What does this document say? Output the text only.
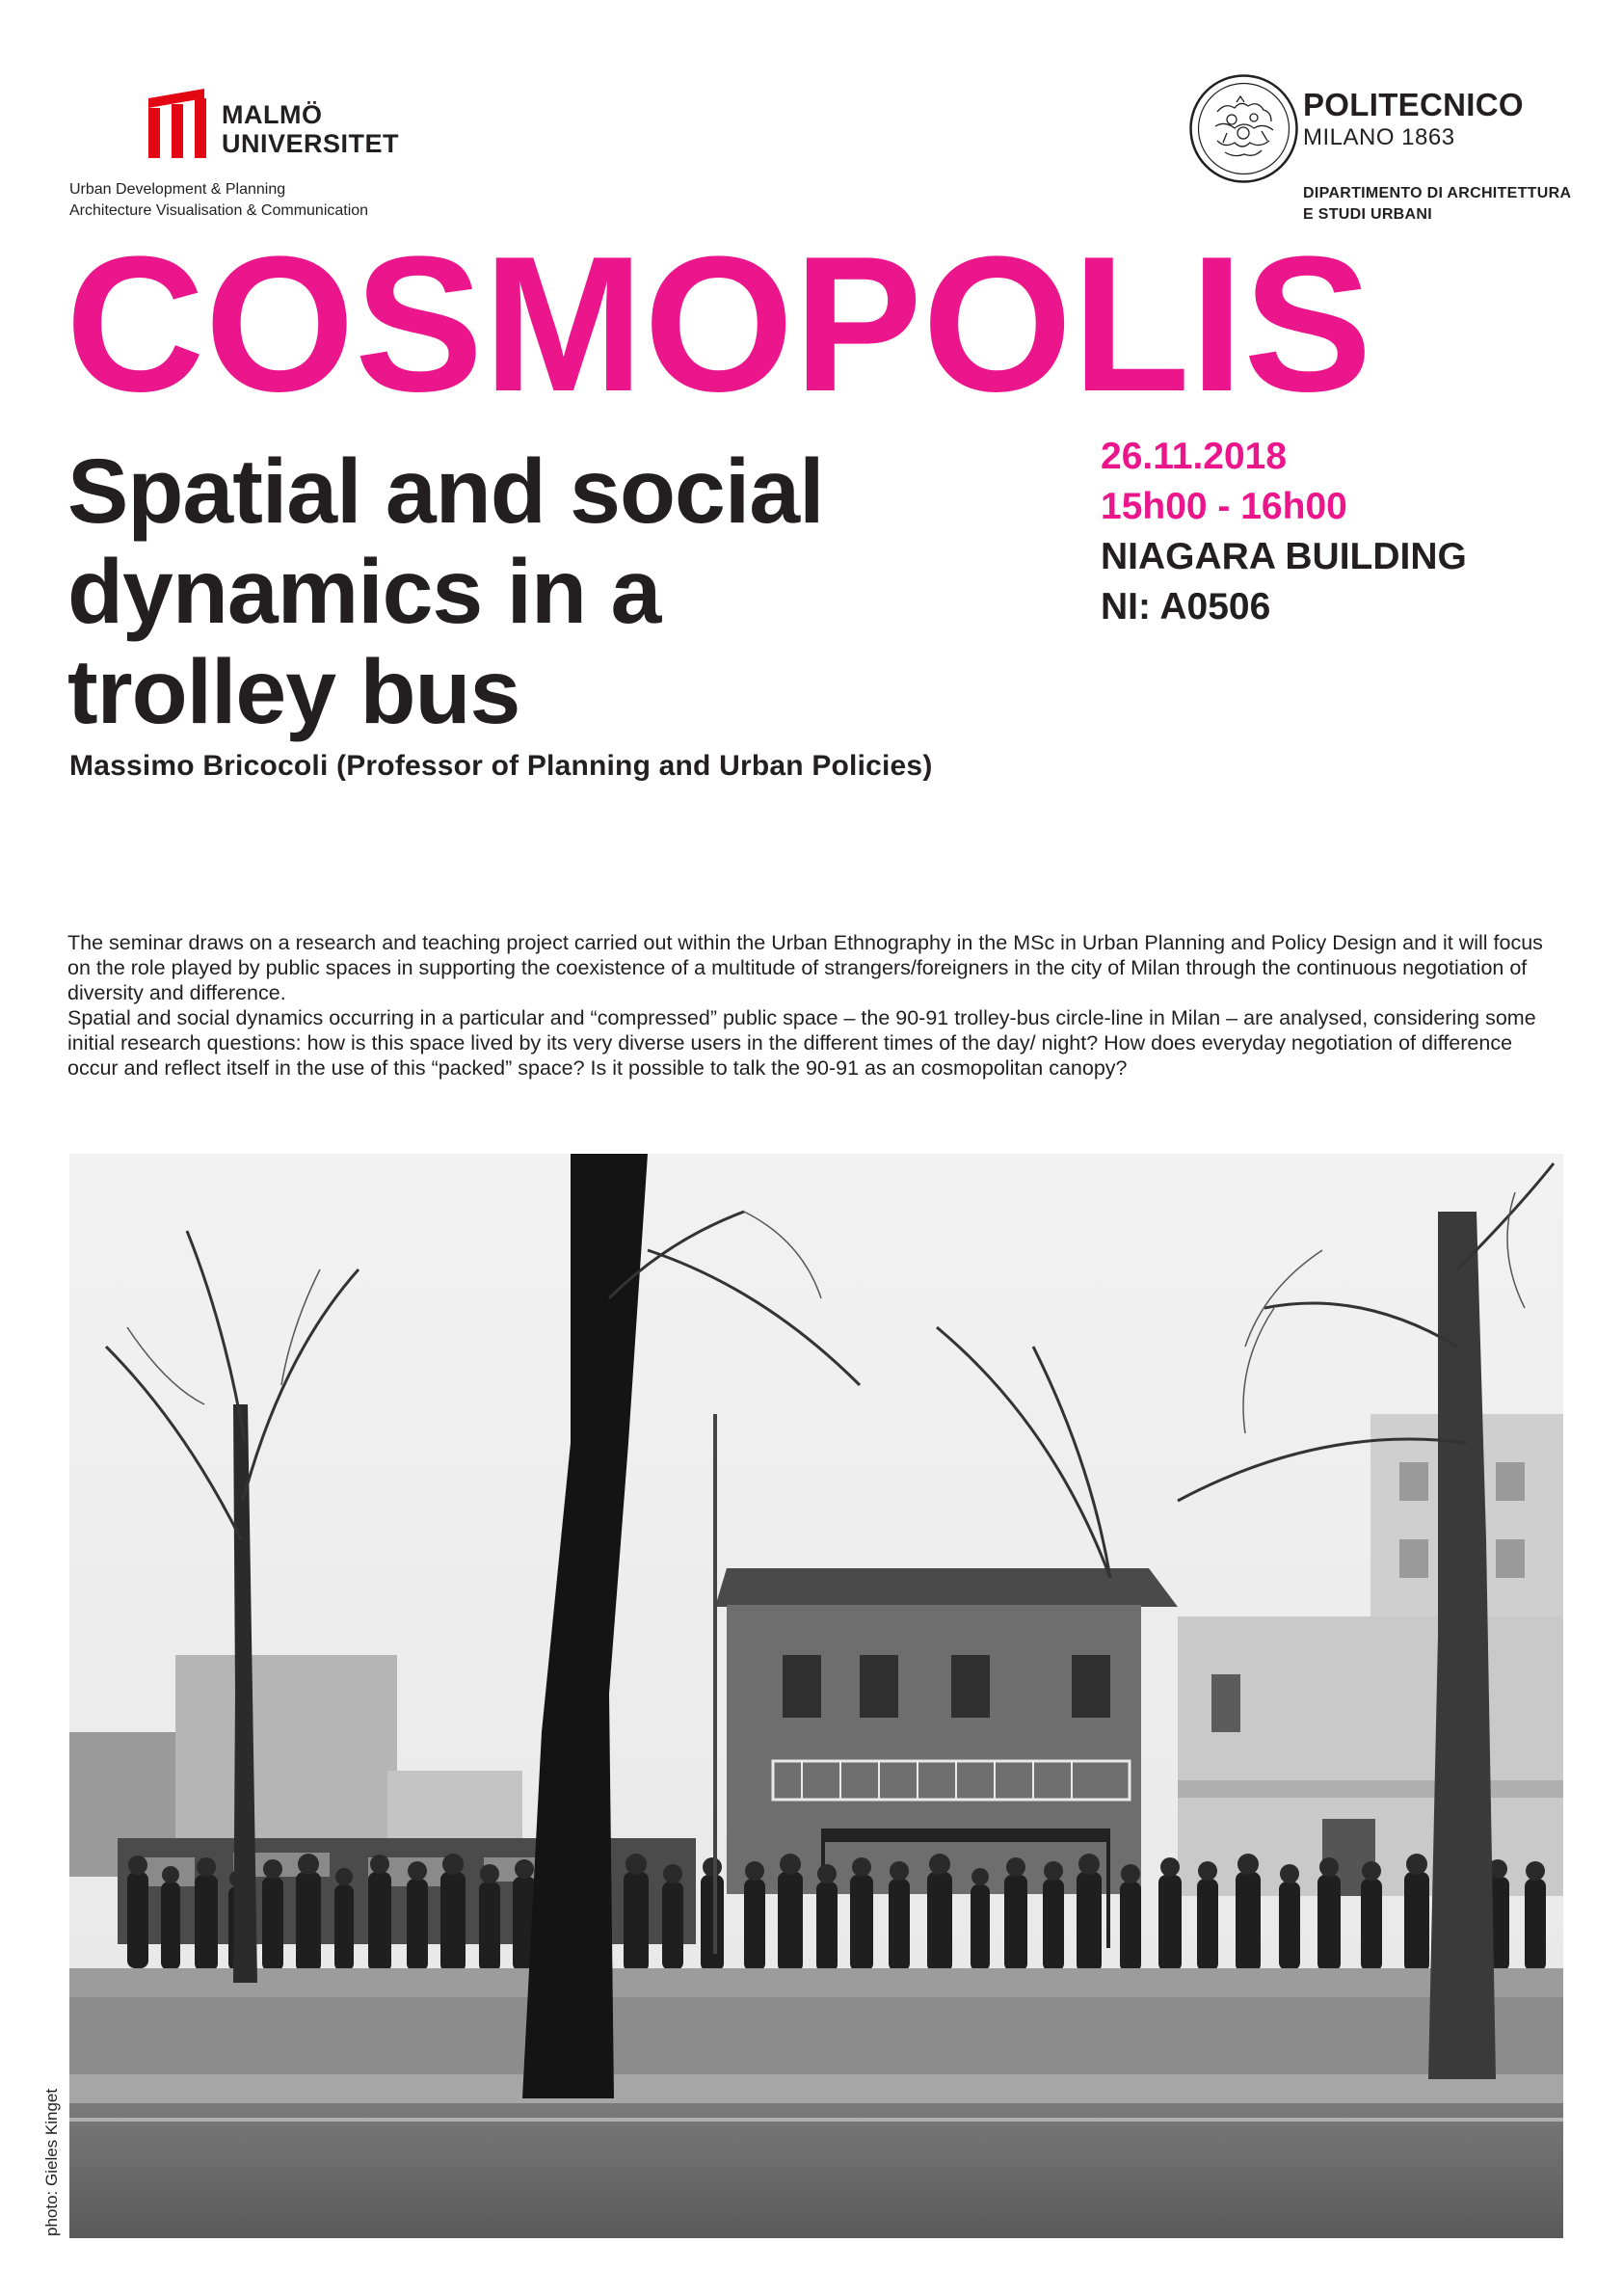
MALMÖ
UNIVERSITET
Urban Development & Planning
Architecture Visualisation & Communication
POLITECNICO
MILANO 1863
DIPARTIMENTO DI ARCHITETTURA
E STUDI URBANI
COSMOPOLIS
Spatial and social
dynamics in a
trolley bus
Massimo Bricocoli (Professor of Planning and Urban Policies)
26.11.2018
15h00 - 16h00
NIAGARA BUILDING
NI: A0506

The seminar draws on a research and teaching project carried out within the Urban Ethnography in the MSc in Urban Planning and Policy Design and it will focus on the role played by public spaces in supporting the coexistence of a multitude of strangers/foreigners in the city of Milan through the continuous negotiation of diversity and difference.

Spatial and social dynamics occurring in a particular and “compressed” public space – the 90-91 trolley-bus circle-line in Milan – are analysed, considering some initial research questions: how is this space lived by its very diverse users in the different times of the day/ night? How does everyday negotiation of difference occur and reflect itself in the use of this “packed” space? Is it possible to talk the 90-91 as an cosmopolitan canopy?

photo: Gieles Kinget
